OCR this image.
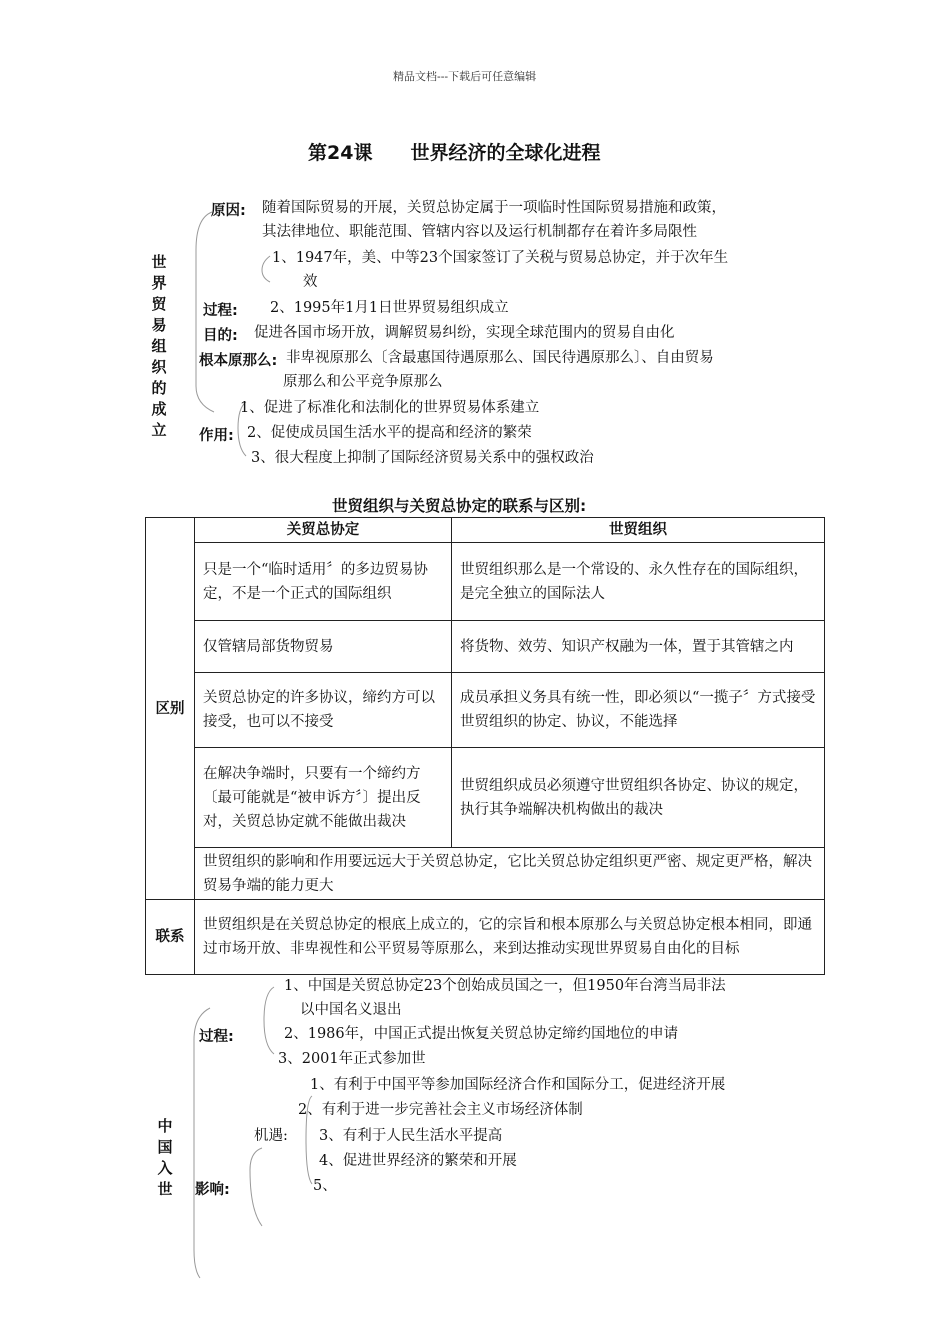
精品文档---下载后可任意编辑
第24课　　世界经济的全球化进程
世界贸易组织的成立
原因: 随着国际贸易的开展，关贸总协定属于一项临时性国际贸易措施和政策，
其法律地位、职能范围、管辖内容以及运行机制都存在着许多局限性
1、1947年，美、中等23个国家签订了关税与贸易总协定，并于次年生
效
过程: 2、1995年1月1日世界贸易组织成立
目的: 促进各国市场开放，调解贸易纠纷，实现全球范围内的贸易自由化
根本原那么: 非卑视原那么〔含最惠国待遇原那么、国民待遇原那么〕、自由贸易
原那么和公平竞争原那么
1、促进了标准化和法制化的世界贸易体系建立
作用: 2、促使成员国生活水平的提高和经济的繁荣
3、很大程度上抑制了国际经济贸易关系中的强权政治
世贸组织与关贸总协定的联系与区别:
区别	关贸总协定	世贸组织
	只是一个“临时适用〞的多边贸易协定，不是一个正式的国际组织	世贸组织那么是一个常设的、永久性存在的国际组织，是完全独立的国际法人
	仅管辖局部货物贸易	将货物、效劳、知识产权融为一体，置于其管辖之内
	关贸总协定的许多协议，缔约方可以接受，也可以不接受	成员承担义务具有统一性，即必须以“一揽子〞方式接受世贸组织的协定、协议，不能选择
	在解决争端时，只要有一个缔约方〔最可能就是“被申诉方〞〕提出反对，关贸总协定就不能做出裁决	世贸组织成员必须遵守世贸组织各协定、协议的规定，执行其争端解决机构做出的裁决
	世贸组织的影响和作用要远远大于关贸总协定，它比关贸总协定组织更严密、规定更严格，解决贸易争端的能力更大	
联系	世贸组织是在关贸总协定的根底上成立的，它的宗旨和根本原那么与关贸总协定根本相同，即通过市场开放、非卑视性和公平贸易等原那么，来到达推动实现世界贸易自由化的目标	
1、中国是关贸总协定23个创始成员国之一，但1950年台湾当局非法
以中国名义退出
过程:	2、1986年，中国正式提出恢复关贸总协定缔约国地位的申请
3、2001年正式参加世
1、有利于中国平等参加国际经济合作和国际分工，促进经济开展
2、有利于进一步完善社会主义市场经济体制
机遇: 3、有利于人民生活水平提高
4、促进世界经济的繁荣和开展
5、
中国入世 影响:
